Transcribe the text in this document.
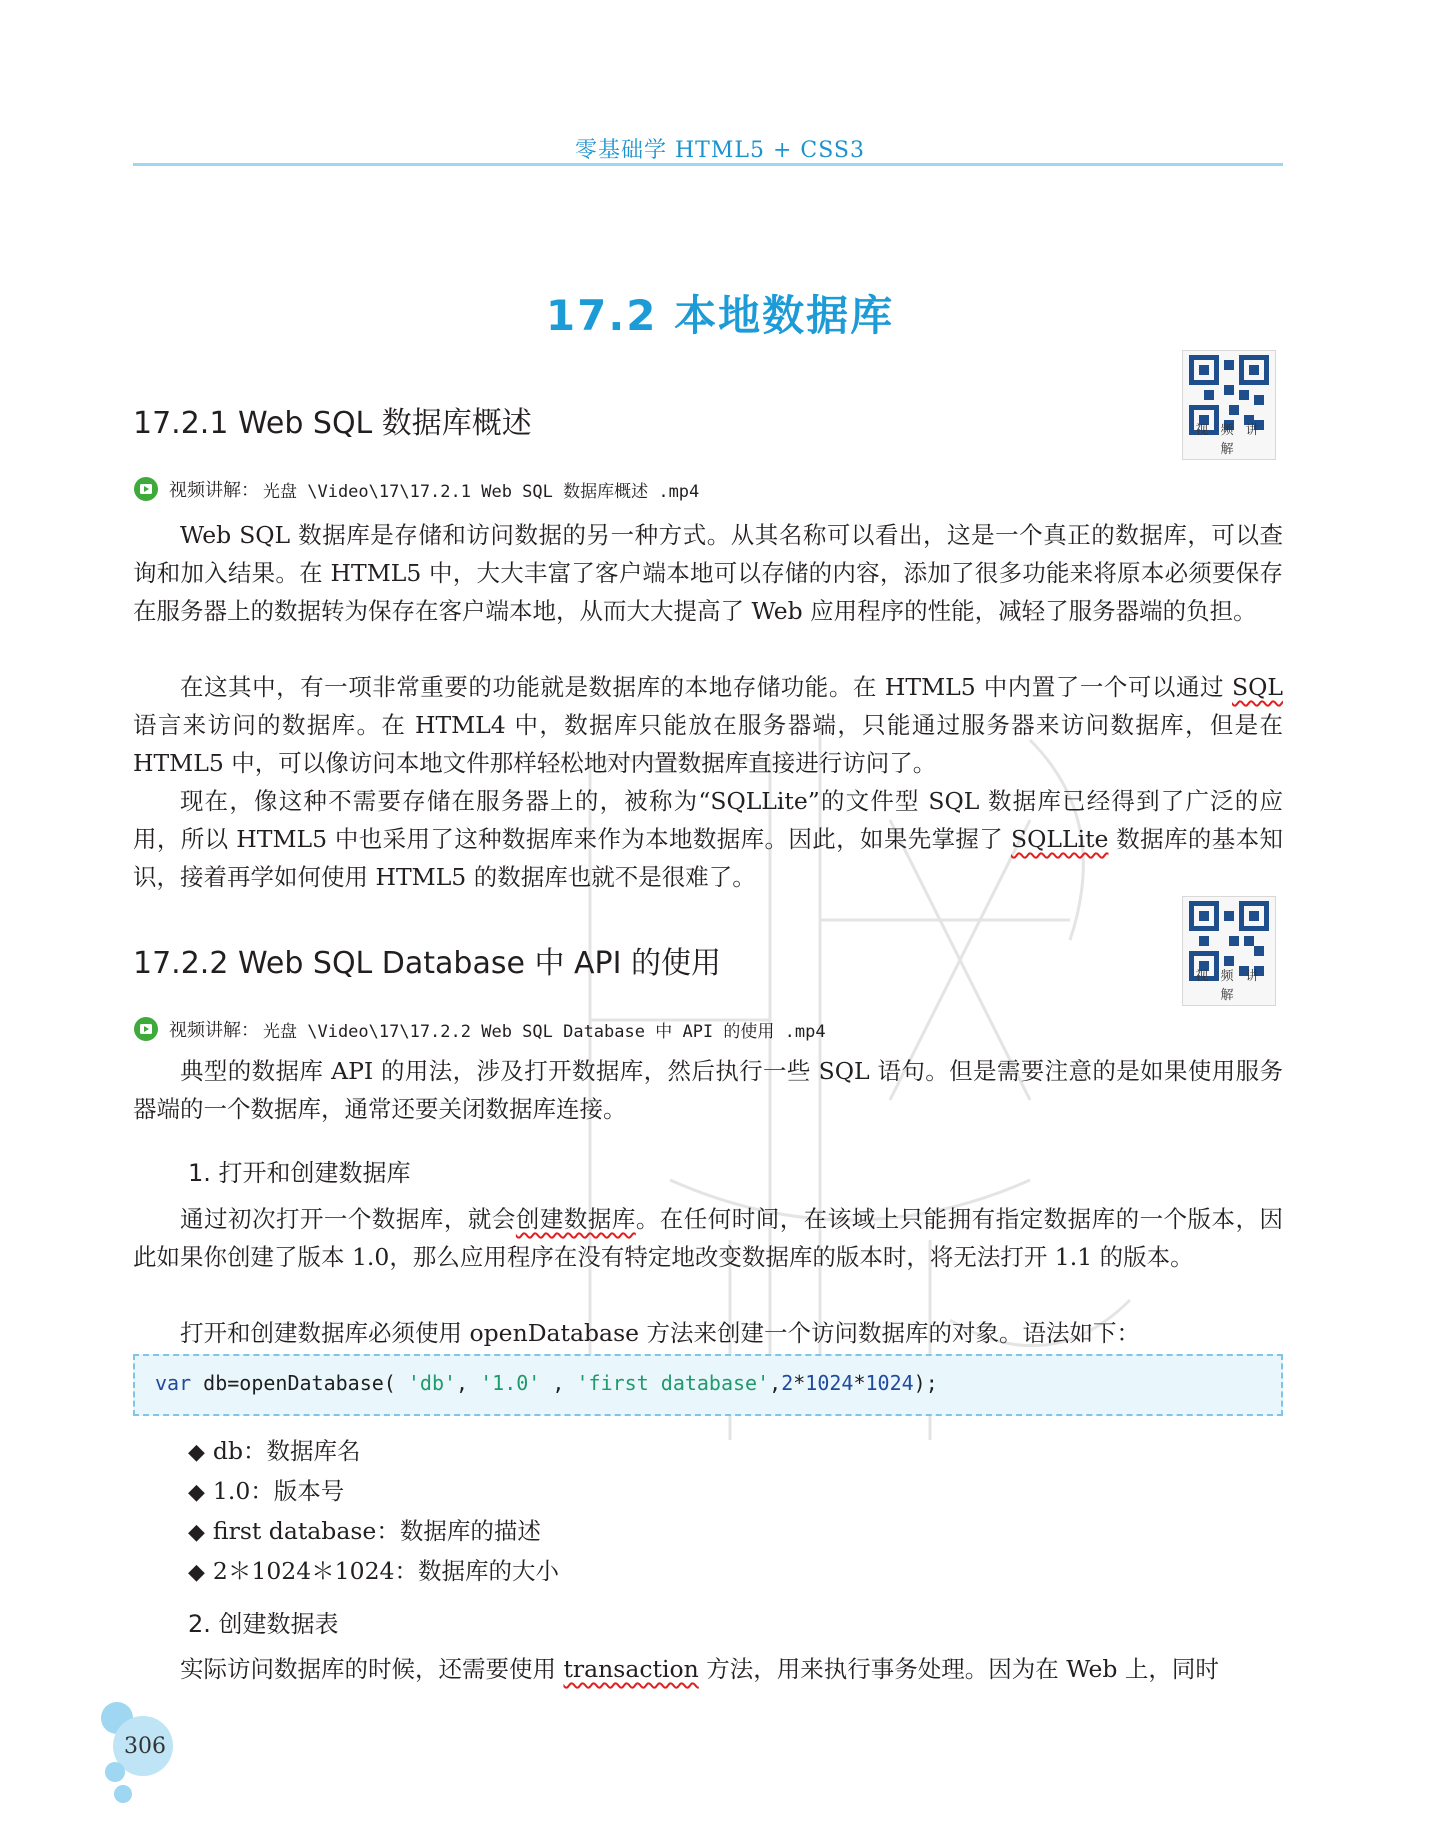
零基础学 HTML5 + CSS3
17.2 本地数据库
17.2.1 Web SQL 数据库概述	视 频 讲 解
视频讲解： 光盘 \Video\17\17.2.1 Web SQL 数据库概述 .mp4

Web SQL 数据库是存储和访问数据的另一种方式。从其名称可以看出，这是一个真正的数据库，可以查询和加入结果。在 HTML5 中，大大丰富了客户端本地可以存储的内容，添加了很多功能来将原本必须要保存在服务器上的数据转为保存在客户端本地，从而大大提高了 Web 应用程序的性能，减轻了服务器端的负担。

在这其中，有一项非常重要的功能就是数据库的本地存储功能。在 HTML5 中内置了一个可以通过 SQL 语言来访问的数据库。在 HTML4 中，数据库只能放在服务器端，只能通过服务器来访问数据库，但是在 HTML5 中，可以像访问本地文件那样轻松地对内置数据库直接进行访问了。

现在，像这种不需要存储在服务器上的，被称为“SQLLite”的文件型 SQL 数据库已经得到了广泛的应用，所以 HTML5 中也采用了这种数据库来作为本地数据库。因此，如果先掌握了 SQLLite 数据库的基本知识，接着再学如何使用 HTML5 的数据库也就不是很难了。

17.2.2 Web SQL Database 中 API 的使用	视 频 讲 解
视频讲解： 光盘 \Video\17\17.2.2 Web SQL Database 中 API 的使用 .mp4

典型的数据库 API 的用法，涉及打开数据库，然后执行一些 SQL 语句。但是需要注意的是如果使用服务器端的一个数据库，通常还要关闭数据库连接。

1. 打开和创建数据库

通过初次打开一个数据库，就会创建数据库。在任何时间，在该域上只能拥有指定数据库的一个版本，因此如果你创建了版本 1.0，那么应用程序在没有特定地改变数据库的版本时，将无法打开 1.1 的版本。

打开和创建数据库必须使用 openDatabase 方法来创建一个访问数据库的对象。语法如下：

var db=openDatabase( 'db', '1.0' , 'first database',2*1024*1024);
◆ db：数据库名
◆ 1.0：版本号
◆ first database：数据库的描述
◆ 2＊1024＊1024：数据库的大小
2. 创建数据表

实际访问数据库的时候，还需要使用 transaction 方法，用来执行事务处理。因为在 Web 上，同时

306
